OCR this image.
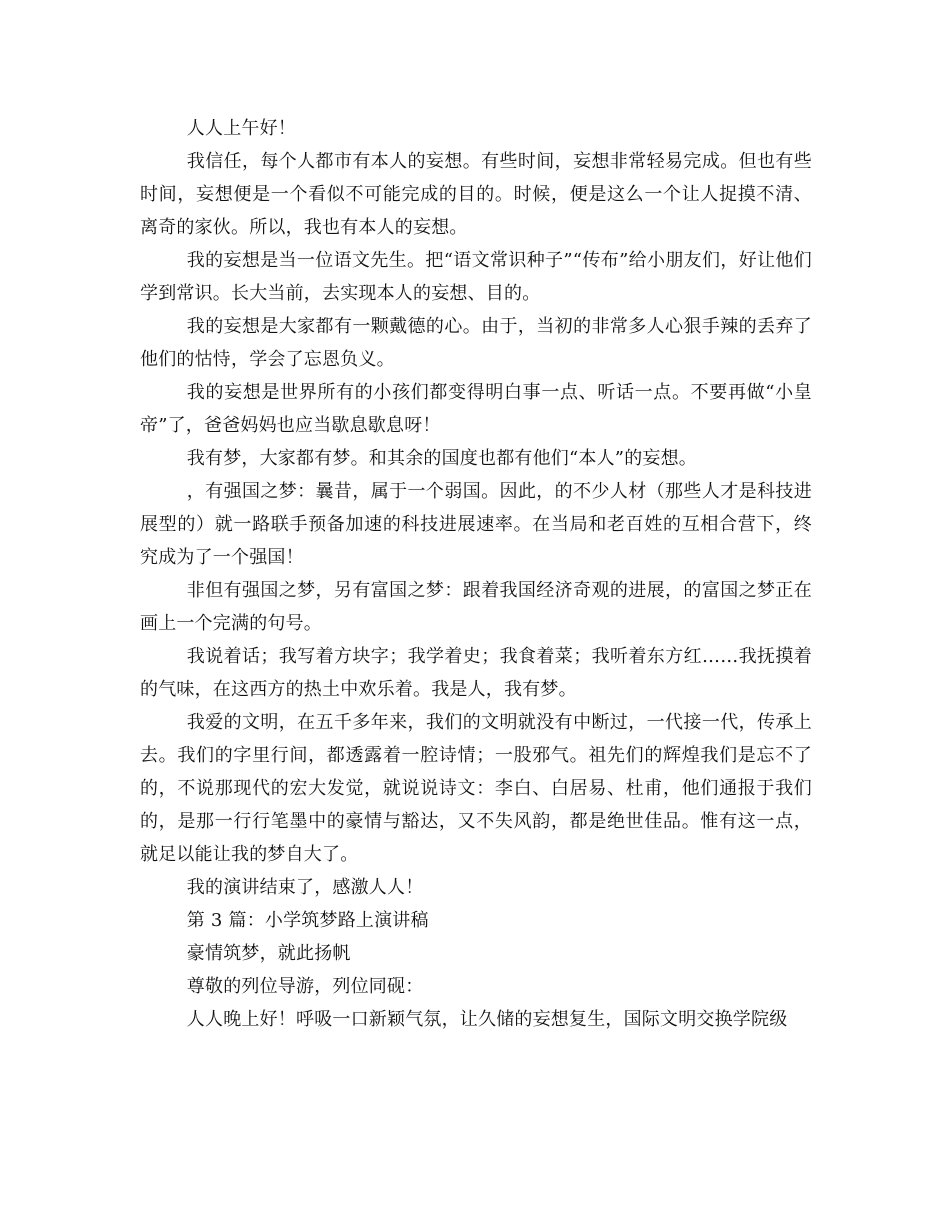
人人上午好！

我信任，每个人都市有本人的妄想。有些时间，妄想非常轻易完成。但也有些时间，妄想便是一个看似不可能完成的目的。时候，便是这么一个让人捉摸不清、离奇的家伙。所以，我也有本人的妄想。

我的妄想是当一位语文先生。把“语文常识种子”“传布”给小朋友们，好让他们学到常识。长大当前，去实现本人的妄想、目的。

我的妄想是大家都有一颗戴德的心。由于，当初的非常多人心狠手辣的丢弃了他们的怙恃，学会了忘恩负义。

我的妄想是世界所有的小孩们都变得明白事一点、听话一点。不要再做“小皇帝”了，爸爸妈妈也应当歇息歇息呀！

我有梦，大家都有梦。和其余的国度也都有他们“本人”的妄想。

，有强国之梦：曩昔，属于一个弱国。因此，的不少人材（那些人才是科技进展型的）就一路联手预备加速的科技进展速率。在当局和老百姓的互相合营下，终究成为了一个强国！

非但有强国之梦，另有富国之梦：跟着我国经济奇观的进展，的富国之梦正在画上一个完满的句号。

我说着话；我写着方块字；我学着史；我食着菜；我听着东方红……我抚摸着的气味，在这西方的热土中欢乐着。我是人，我有梦。

我爱的文明，在五千多年来，我们的文明就没有中断过，一代接一代，传承上去。我们的字里行间，都透露着一腔诗情；一股邪气。祖先们的辉煌我们是忘不了的，不说那现代的宏大发觉，就说说诗文：李白、白居易、杜甫，他们通报于我们的，是那一行行笔墨中的豪情与豁达，又不失风韵，都是绝世佳品。惟有这一点，就足以能让我的梦自大了。

我的演讲结束了，感激人人！

第 3 篇：小学筑梦路上演讲稿

豪情筑梦，就此扬帆

尊敬的列位导游，列位同砚：

人人晚上好！呼吸一口新颖气氛，让久储的妄想复生，国际文明交换学院级
